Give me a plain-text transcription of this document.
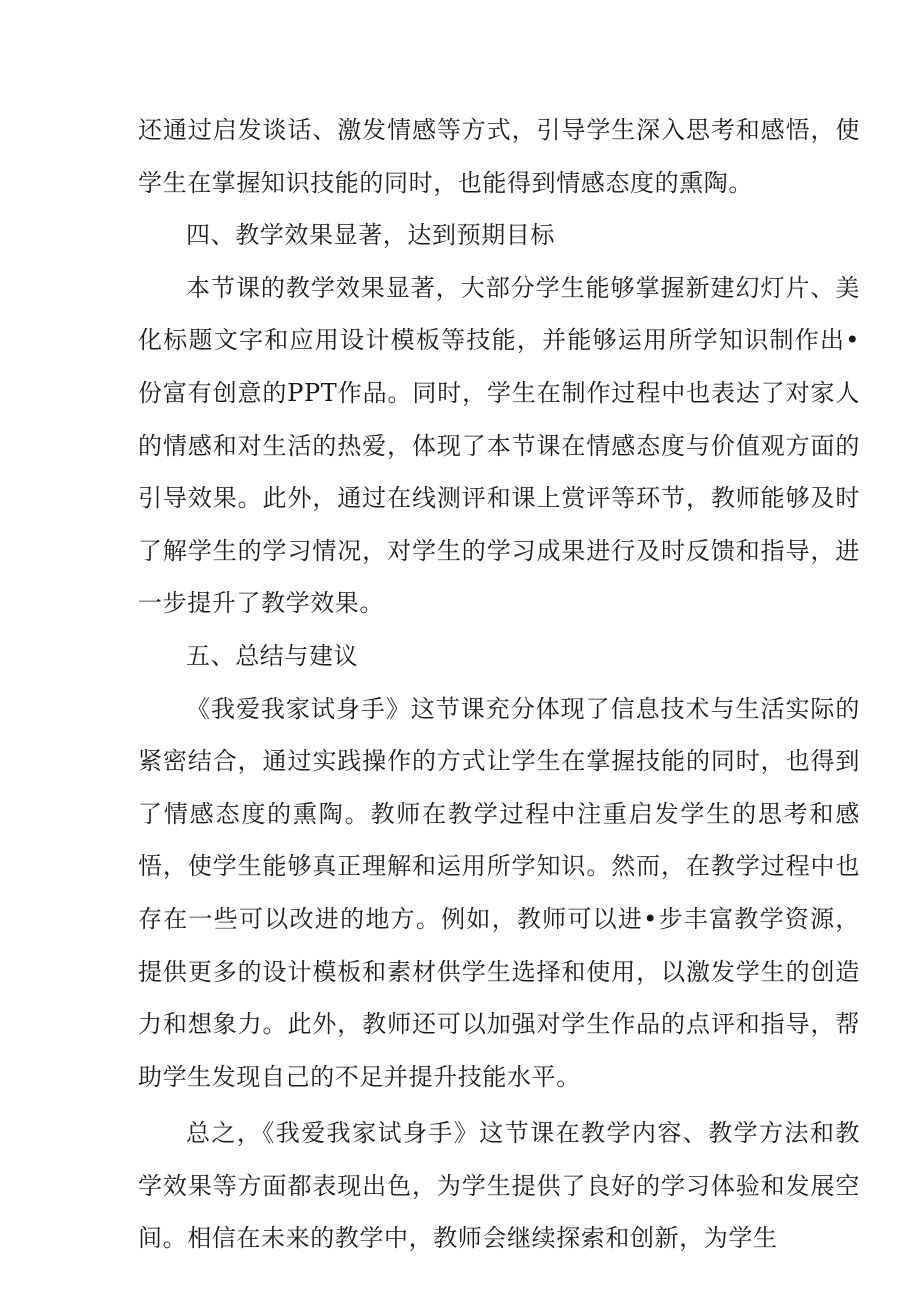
还通过启发谈话、激发情感等方式，引导学生深入思考和感悟，使学生在掌握知识技能的同时，也能得到情感态度的熏陶。

四、教学效果显著，达到预期目标

本节课的教学效果显著，大部分学生能够掌握新建幻灯片、美化标题文字和应用设计模板等技能，并能够运用所学知识制作出•份富有创意的PPT作品。同时，学生在制作过程中也表达了对家人的情感和对生活的热爱，体现了本节课在情感态度与价值观方面的引导效果。此外，通过在线测评和课上赏评等环节，教师能够及时了解学生的学习情况，对学生的学习成果进行及时反馈和指导，进一步提升了教学效果。

五、总结与建议

《我爱我家试身手》这节课充分体现了信息技术与生活实际的紧密结合，通过实践操作的方式让学生在掌握技能的同时，也得到了情感态度的熏陶。教师在教学过程中注重启发学生的思考和感悟，使学生能够真正理解和运用所学知识。然而，在教学过程中也存在一些可以改进的地方。例如，教师可以进•步丰富教学资源，提供更多的设计模板和素材供学生选择和使用，以激发学生的创造力和想象力。此外，教师还可以加强对学生作品的点评和指导，帮助学生发现自己的不足并提升技能水平。

总之，《我爱我家试身手》这节课在教学内容、教学方法和教学效果等方面都表现出色，为学生提供了良好的学习体验和发展空间。相信在未来的教学中，教师会继续探索和创新，为学生
